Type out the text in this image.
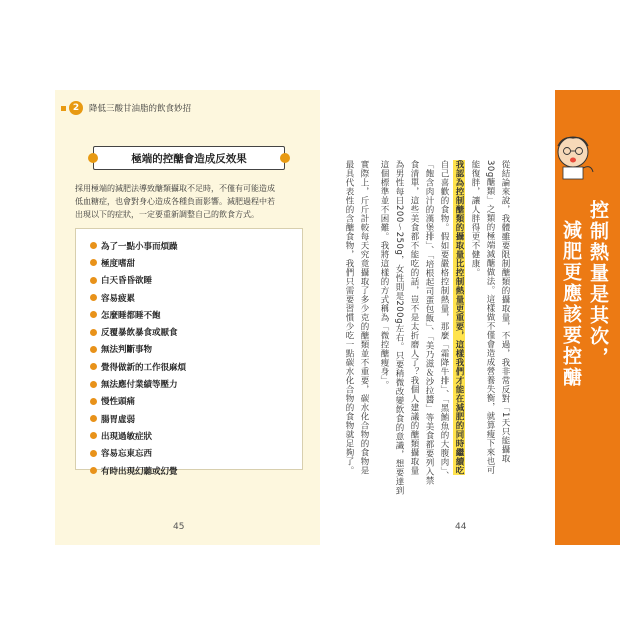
2	降低三酸甘油脂的飲食妙招
極端的控醣會造成反效果
採用極端的減肥法導致醣類攝取不足時，不僅有可能造成
低血糖症，也會對身心造成各種負面影響。減肥過程中若
出現以下的症狀，一定要重新調整自己的飲食方式。
為了一點小事而煩躁
極度嗜甜
白天昏昏欲睡
容易疲累
怎麼睡都睡不飽
反覆暴飲暴食或厭食
無法判斷事物
覺得做新的工作很麻煩
無法應付業績等壓力
慢性頭痛
腸胃虛弱
出現過敏症狀
容易忘東忘西
有時出現幻聽或幻覺
45
控制熱量是其次，
減肥更應該要控醣
從結論來說，我體雖要限制醣類的攝取量，不過，我非常反對「1天只能攝取
30g醣類」之類的極端減醣做法。這樣做不僅會造成營養失衡，就算瘦下來也可
能復胖，讓人胖得更不健康。
我認為控制醣類的攝取量比控制熱量更重要，這樣我們才能在減肥的同時繼續吃
自己喜歡的食物。假如要嚴格控制熱量，那麼「霜降牛排」、「黑鮪魚的大腹肉」、
「飽含肉汁的漢堡排」、「培根起司蛋包飯」、「美乃滋＆沙拉醬」等美食都要列入禁
食清單，這些美食都不能吃的話，豈不是太折磨人了？我個人建議的醣類攝取量
為男性每日200～250g，女性則是200g左右。只要稍微改變飲食的意識，想要達到
這個標準並不困難。我將這樣的方式稱為「微控醣瘦身」。
實際上，斤斤計較每天究竟攝取了多少克的醣類並不重要，碳水化合物的食物是
最具代表性的含醣食物，我們只需要習慣少吃一點碳水化合物的食物就足夠了。
44
